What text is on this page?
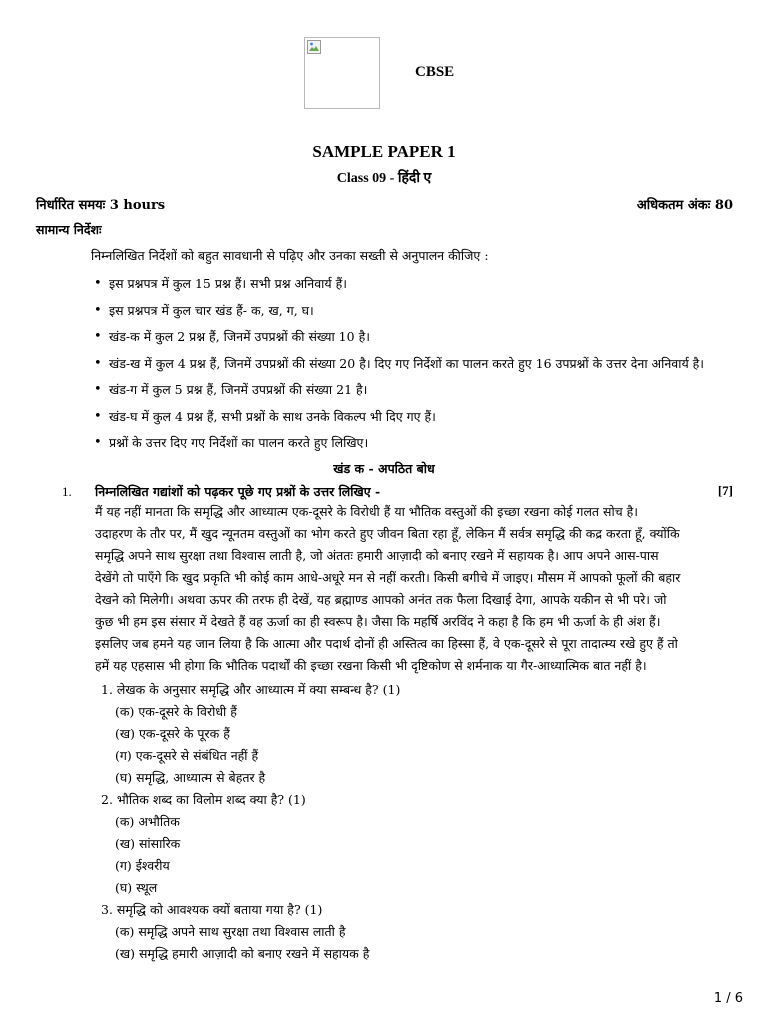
CBSE
SAMPLE PAPER 1
Class 09 - हिंदी ए
निर्धारित समयः 3 hours	अधिकतम अंकः 80
सामान्य निर्देशः
निम्नलिखित निर्देशों को बहुत सावधानी से पढ़िए और उनका सख्ती से अनुपालन कीजिए :
• इस प्रश्नपत्र में कुल 15 प्रश्न हैं। सभी प्रश्न अनिवार्य हैं।
• इस प्रश्नपत्र में कुल चार खंड हैं- क, ख, ग, घ।
• खंड-क में कुल 2 प्रश्न हैं, जिनमें उपप्रश्नों की संख्या 10 है।
• खंड-ख में कुल 4 प्रश्न हैं, जिनमें उपप्रश्नों की संख्या 20 है। दिए गए निर्देशों का पालन करते हुए 16 उपप्रश्नों के उत्तर देना अनिवार्य है।
• खंड-ग में कुल 5 प्रश्न हैं, जिनमें उपप्रश्नों की संख्या 21 है।
• खंड-घ में कुल 4 प्रश्न हैं, सभी प्रश्नों के साथ उनके विकल्प भी दिए गए हैं।
• प्रश्नों के उत्तर दिए गए निर्देशों का पालन करते हुए लिखिए।
खंड क - अपठित बोध
1. निम्नलिखित गद्यांशों को पढ़कर पूछे गए प्रश्नों के उत्तर लिखिए -	[7]
मैं यह नहीं मानता कि समृद्धि और आध्यात्म एक-दूसरे के विरोधी हैं या भौतिक वस्तुओं की इच्छा रखना कोई गलत सोच है।
उदाहरण के तौर पर, मैं खुद न्यूनतम वस्तुओं का भोग करते हुए जीवन बिता रहा हूँ, लेकिन मैं सर्वत्र समृद्धि की कद्र करता हूँ, क्योंकि
समृद्धि अपने साथ सुरक्षा तथा विश्वास लाती है, जो अंततः हमारी आज़ादी को बनाए रखने में सहायक है। आप अपने आस-पास
देखेंगे तो पाएँगे कि खुद प्रकृति भी कोई काम आधे-अधूरे मन से नहीं करती। किसी बगीचे में जाइए। मौसम में आपको फूलों की बहार
देखने को मिलेगी। अथवा ऊपर की तरफ ही देखें, यह ब्रह्माण्ड आपको अनंत तक फैला दिखाई देगा, आपके यकीन से भी परे। जो
कुछ भी हम इस संसार में देखते हैं वह ऊर्जा का ही स्वरूप है। जैसा कि महर्षि अरविंद ने कहा है कि हम भी ऊर्जा के ही अंश हैं।
इसलिए जब हमने यह जान लिया है कि आत्मा और पदार्थ दोनों ही अस्तित्व का हिस्सा हैं, वे एक-दूसरे से पूरा तादात्म्य रखे हुए हैं तो
हमें यह एहसास भी होगा कि भौतिक पदार्थों की इच्छा रखना किसी भी दृष्टिकोण से शर्मनाक या गैर-आध्यात्मिक बात नहीं है।
1. लेखक के अनुसार समृद्धि और आध्यात्म में क्या सम्बन्ध है? (1)
(क) एक-दूसरे के विरोधी हैं
(ख) एक-दूसरे के पूरक हैं
(ग) एक-दूसरे से संबंधित नहीं हैं
(घ) समृद्धि, आध्यात्म से बेहतर है
2. भौतिक शब्द का विलोम शब्द क्या है? (1)
(क) अभौतिक
(ख) सांसारिक
(ग) ईश्वरीय
(घ) स्थूल
3. समृद्धि को आवश्यक क्यों बताया गया है? (1)
(क) समृद्धि अपने साथ सुरक्षा तथा विश्वास लाती है
(ख) समृद्धि हमारी आज़ादी को बनाए रखने में सहायक है
1 / 6
